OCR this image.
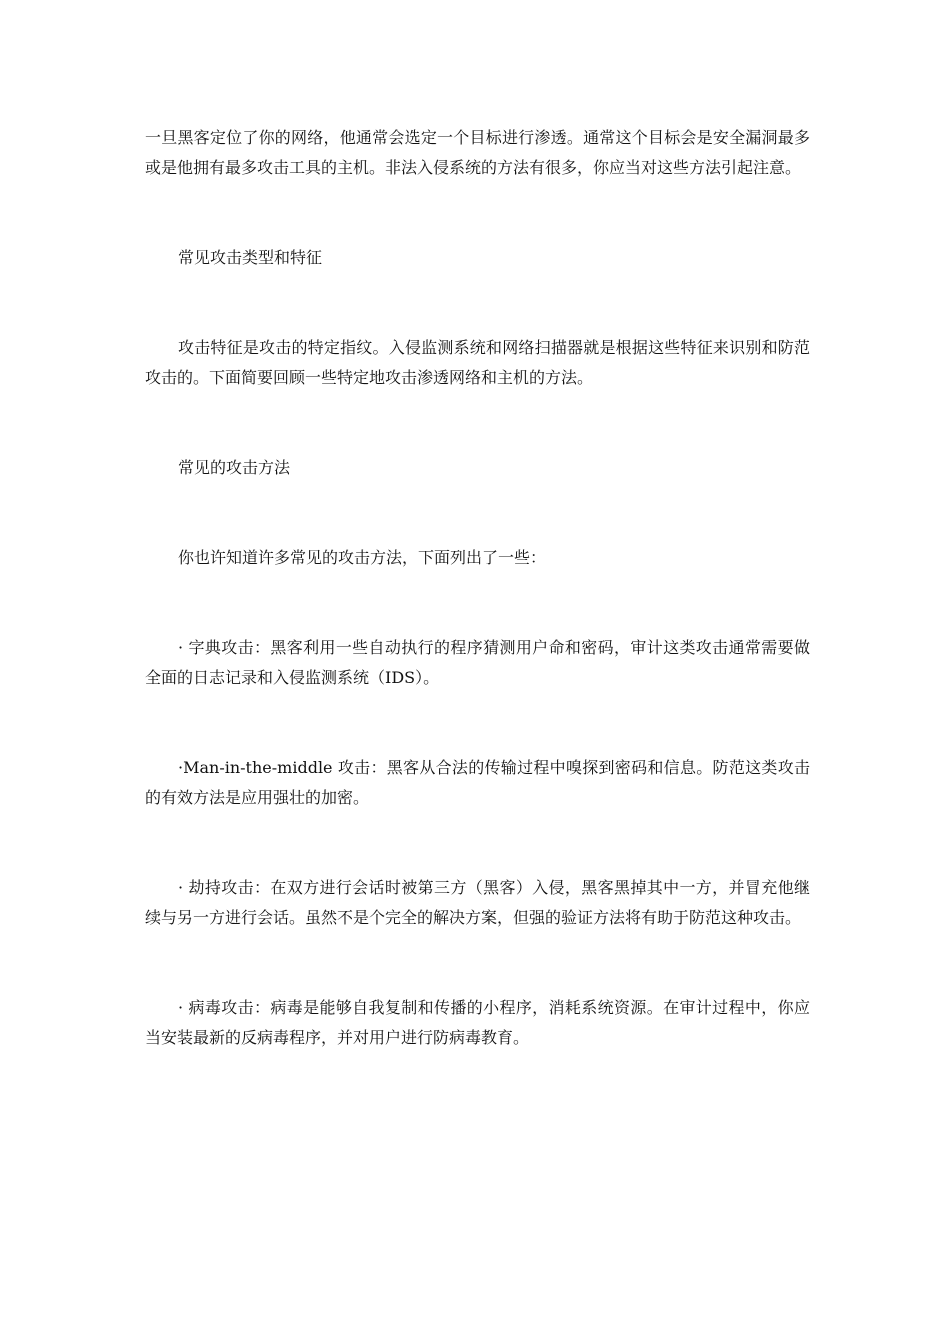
一旦黑客定位了你的网络，他通常会选定一个目标进行渗透。通常这个目标会是安全漏洞最多或是他拥有最多攻击工具的主机。非法入侵系统的方法有很多，你应当对这些方法引起注意。

常见攻击类型和特征

攻击特征是攻击的特定指纹。入侵监测系统和网络扫描器就是根据这些特征来识别和防范攻击的。下面简要回顾一些特定地攻击渗透网络和主机的方法。

常见的攻击方法

你也许知道许多常见的攻击方法，下面列出了一些：

· 字典攻击：黑客利用一些自动执行的程序猜测用户命和密码，审计这类攻击通常需要做全面的日志记录和入侵监测系统（IDS）。

·Man-in-the-middle 攻击：黑客从合法的传输过程中嗅探到密码和信息。防范这类攻击的有效方法是应用强壮的加密。

· 劫持攻击：在双方进行会话时被第三方（黑客）入侵，黑客黑掉其中一方，并冒充他继续与另一方进行会话。虽然不是个完全的解决方案，但强的验证方法将有助于防范这种攻击。

· 病毒攻击：病毒是能够自我复制和传播的小程序，消耗系统资源。在审计过程中，你应当安装最新的反病毒程序，并对用户进行防病毒教育。
